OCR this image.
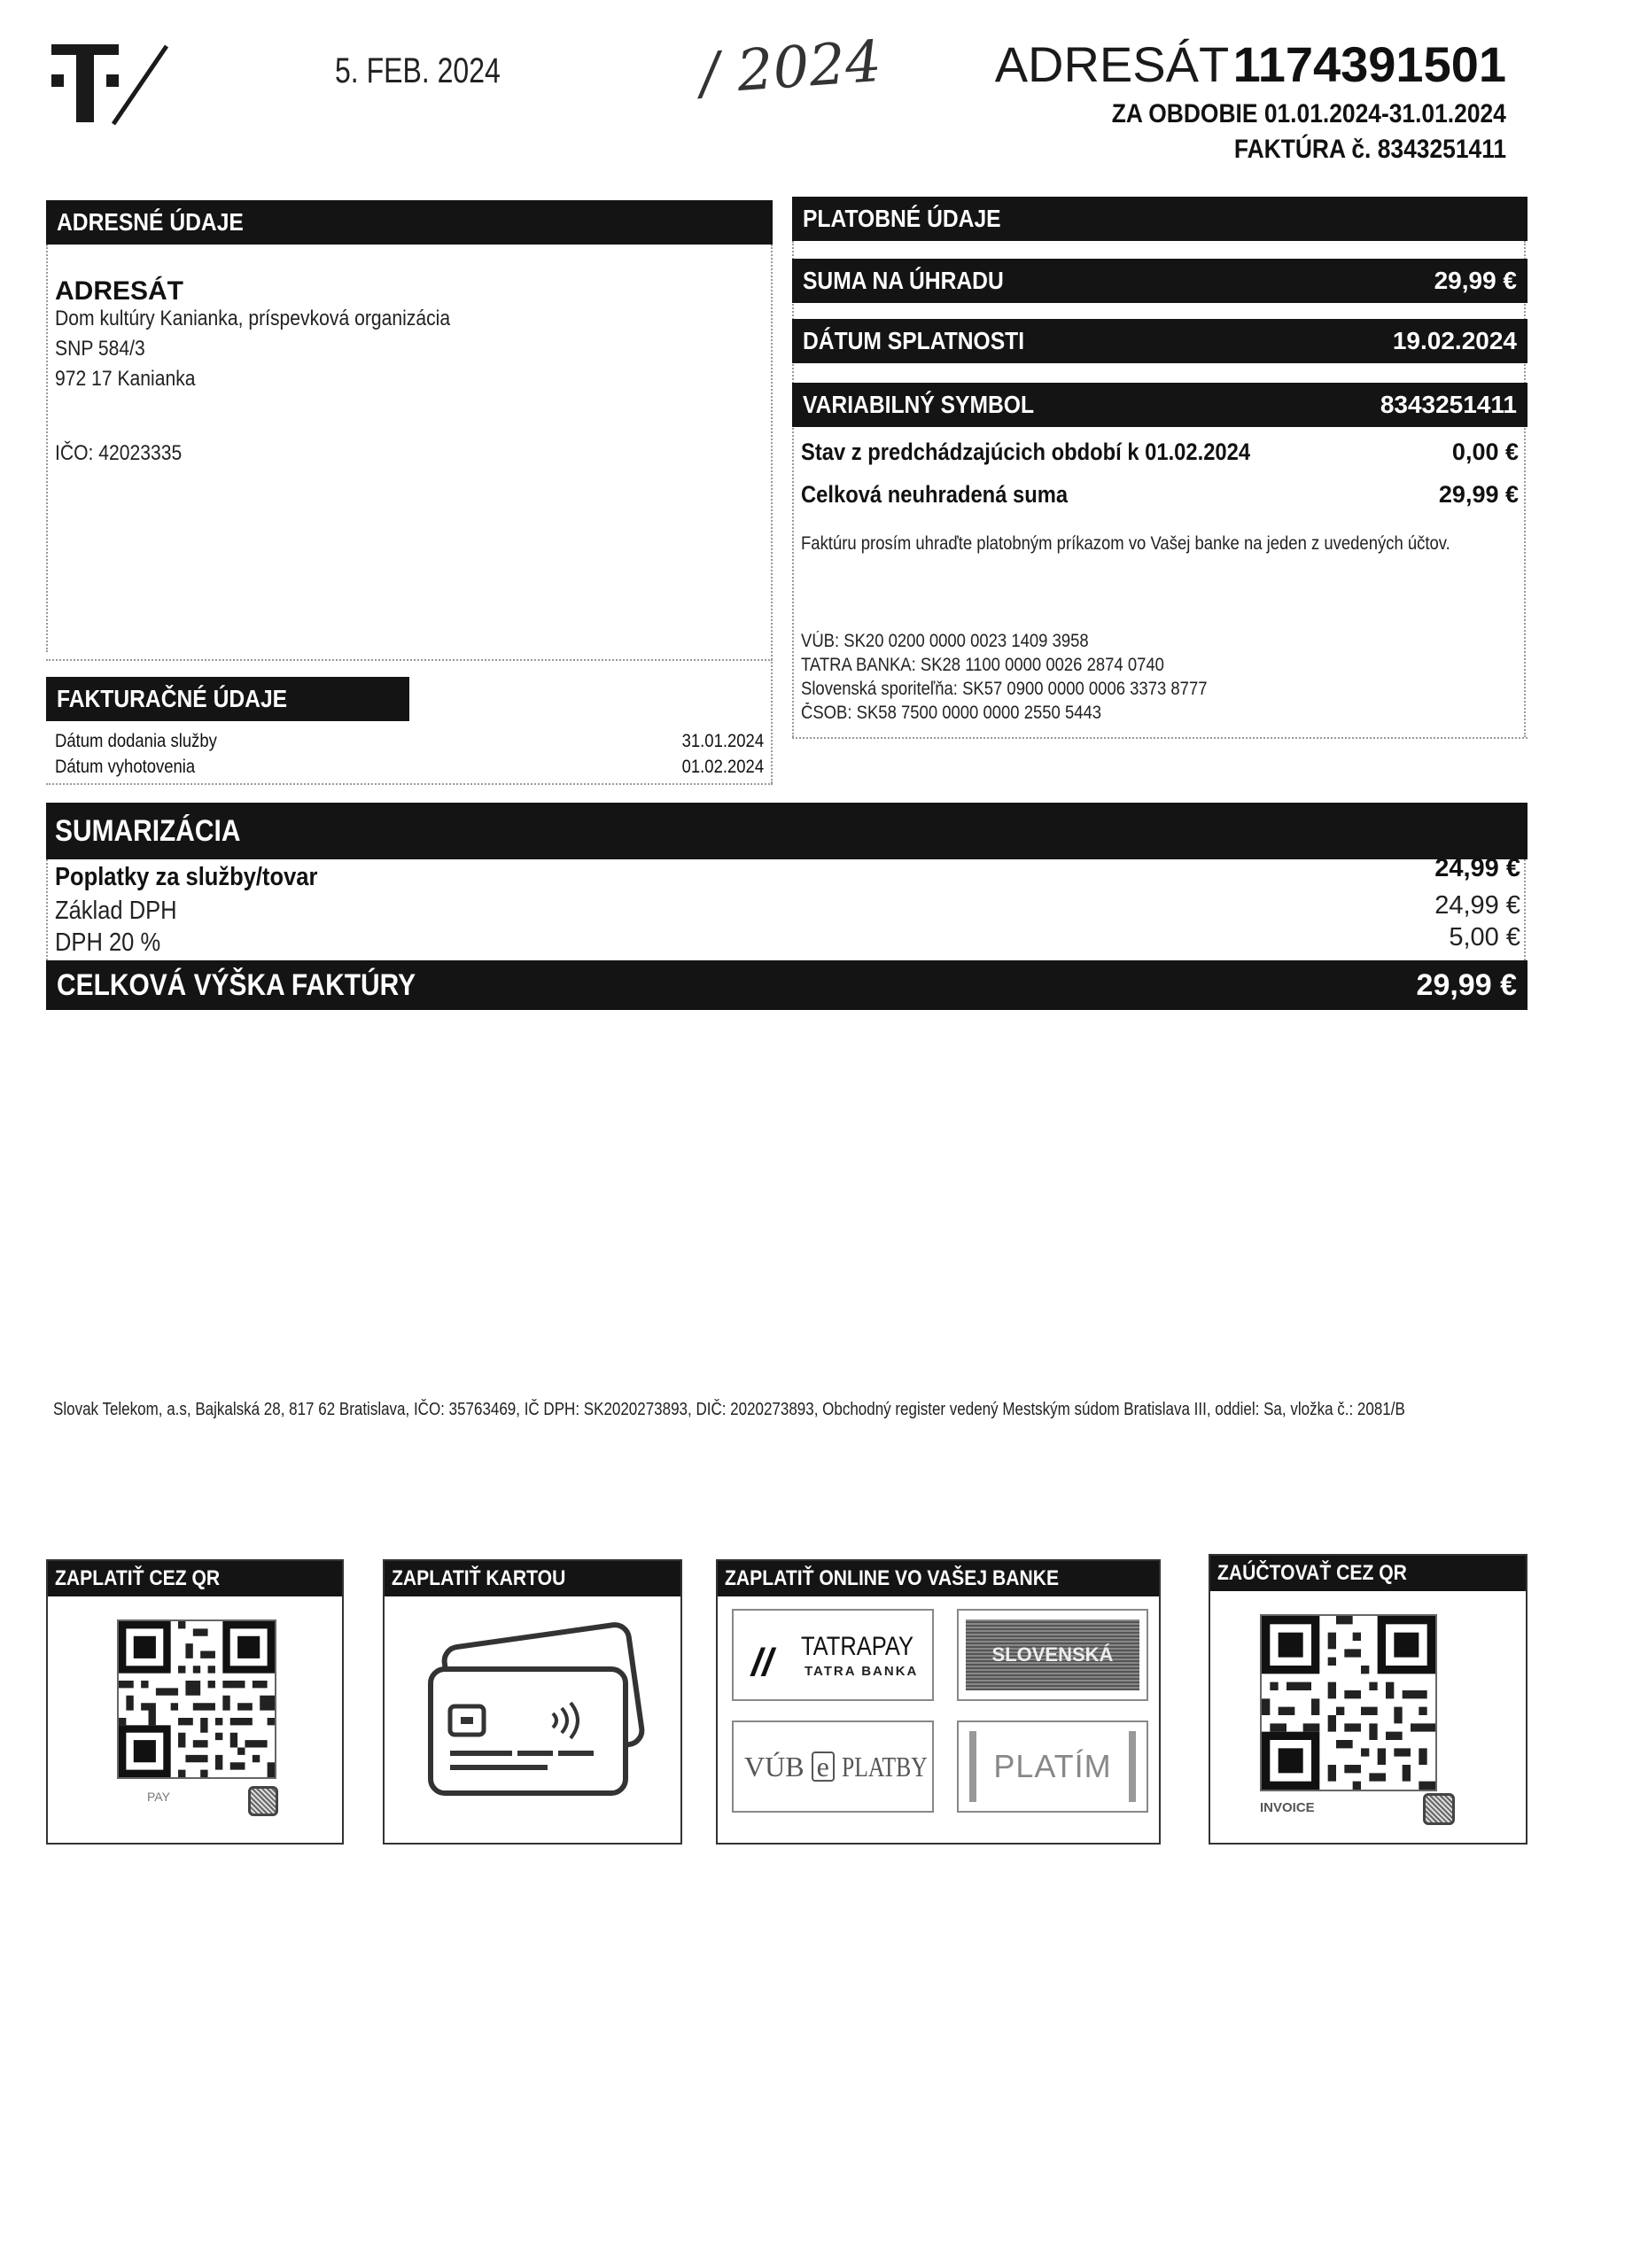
5. FEB. 2024	/ 2024 ADRESÁT 1174391501
ZA OBDOBIE 01.01.2024-31.01.2024
FAKTÚRA č. 8343251411
ADRESNÉ ÚDAJE
ADRESÁT
Dom kultúry Kanianka, príspevková organizácia
SNP 584/3
972 17 Kanianka
IČO: 42023335
FAKTURAČNÉ ÚDAJE
Dátum dodania služby	31.01.2024
Dátum vyhotovenia	01.02.2024
PLATOBNÉ ÚDAJE
SUMA NA ÚHRADU	29,99 €
DÁTUM SPLATNOSTI	19.02.2024
VARIABILNÝ SYMBOL	8343251411
Stav z predchádzajúcich období k 01.02.2024	0,00 €
Celková neuhradená suma	29,99 €
Faktúru prosím uhraďte platobným príkazom vo Vašej banke na jeden z uvedených účtov.
VÚB: SK20 0200 0000 0023 1409 3958
TATRA BANKA: SK28 1100 0000 0026 2874 0740
Slovenská sporiteľňa: SK57 0900 0000 0006 3373 8777
ČSOB: SK58 7500 0000 0000 2550 5443
SUMARIZÁCIA
Poplatky za služby/tovar	24,99 €
Základ DPH	24,99 €
DPH 20 %	5,00 €
CELKOVÁ VÝŠKA FAKTÚRY	29,99 €
Slovak Telekom, a.s, Bajkalská 28, 817 62 Bratislava, IČO: 35763469, IČ DPH: SK2020273893, DIČ: 2020273893, Obchodný register vedený Mestským súdom Bratislava III, oddiel: Sa, vložka č.: 2081/B
ZAPLATIŤ CEZ QR
PAY
ZAPLATIŤ KARTOU	ZAPLATIŤ ONLINE VO VAŠEJ BANKE
// TATRAPAY
TATRA BANKA
SLOVENSKÁ
VÚB e PLATBY	PLATÍM
ZAÚČTOVAŤ CEZ QR
INVOICE
